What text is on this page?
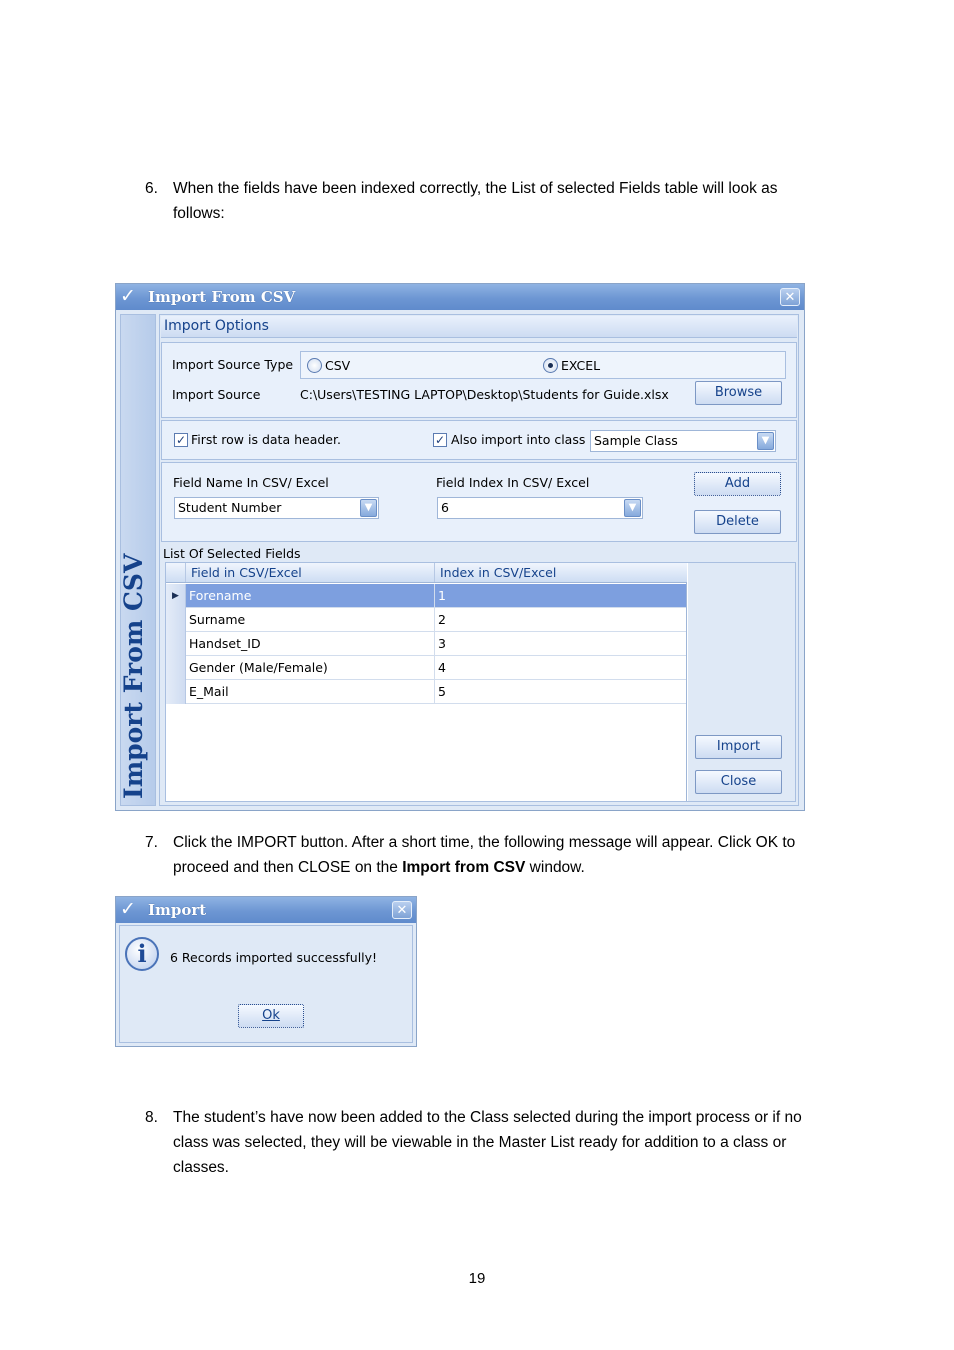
6. When the fields have been indexed correctly, the List of selected Fields table will look as
follows:
✓ Import From CSV	✕
Import From CSV
Import Options
Import Source Type	CSV	EXCEL
Import Source	C:\Users\TESTING LAPTOP\Desktop\Students for Guide.xlsx	Browse
✓ First row is data header.	✓ Also import into class Sample Class	▼
Field Name In CSV/ Excel
Student Number	▼
Field Index In CSV/ Excel
6	▼
Add
Delete
List Of Selected Fields
Field in CSV/Excel	Index in CSV/Excel
▶ Forename	1
Surname	2
Handset_ID	3
Gender (Male/Female)	4
E_Mail	5
Import
Close
7. Click the IMPORT button. After a short time, the following message will appear. Click OK to
proceed and then CLOSE on the Import from CSV window.
✓ Import	✕
i	6 Records imported successfully!
Ok
8. The student’s have now been added to the Class selected during the import process or if no
class was selected, they will be viewable in the Master List ready for addition to a class or
classes.
19
